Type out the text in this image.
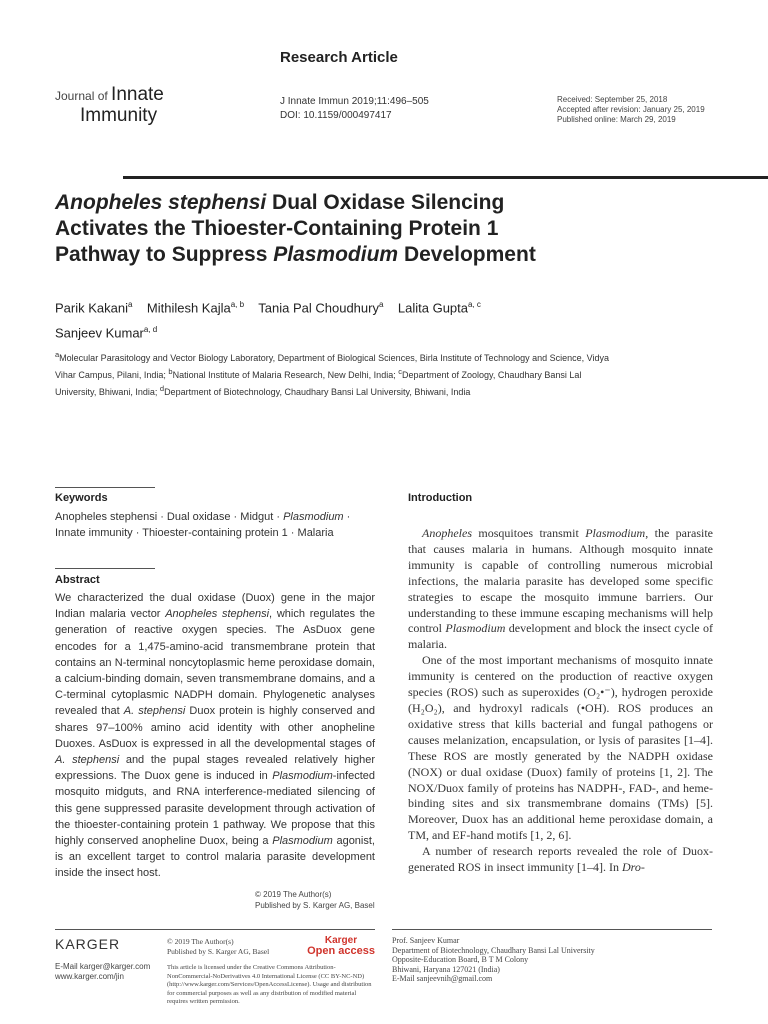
Journal of Innate
Immunity
Research Article
J Innate Immun 2019;11:496–505
DOI: 10.1159/000497417
Received: September 25, 2018
Accepted after revision: January 25, 2019
Published online: March 29, 2019
Anopheles stephensi Dual Oxidase Silencing
Activates the Thioester-Containing Protein 1
Pathway to Suppress Plasmodium Development
Parik Kakani$^a$ Mithilesh Kajla$^{a, b}$ Tania Pal Choudhury$^a$ Lalita Gupta$^{a, c}$
Sanjeev Kumar$^{a, d}$
$^a$Molecular Parasitology and Vector Biology Laboratory, Department of Biological Sciences, Birla Institute of Technology and Science, Vidya Vihar Campus, Pilani, India; $^b$National Institute of Malaria Research, New Delhi, India; $^c$Department of Zoology, Chaudhary Bansi Lal University, Bhiwani, India; $^d$Department of Biotechnology, Chaudhary Bansi Lal University, Bhiwani, India
Keywords
Anopheles stephensi · Dual oxidase · Midgut · Plasmodium · Innate immunity · Thioester-containing protein 1 · Malaria
Abstract
We characterized the dual oxidase (Duox) gene in the major Indian malaria vector Anopheles stephensi, which regulates the generation of reactive oxygen species. The AsDuox gene encodes for a 1,475-amino-acid transmembrane protein that contains an N-terminal noncytoplasmic heme peroxidase domain, a calcium-binding domain, seven transmembrane domains, and a C-terminal cytoplasmic NADPH domain. Phylogenetic analyses revealed that A. stephensi Duox protein is highly conserved and shares 97–100% amino acid identity with other anopheline Duoxes. AsDuox is expressed in all the developmental stages of A. stephensi and the pupal stages revealed relatively higher expressions. The Duox gene is induced in Plasmodium-infected mosquito midguts, and RNA interference-mediated silencing of this gene suppressed parasite development through activation of the thioester-containing protein 1 pathway. We propose that this highly conserved anopheline Duox, being a Plasmodium agonist, is an excellent target to control malaria parasite development inside the insect host.
© 2019 The Author(s)
Published by S. Karger AG, Basel
Introduction

Anopheles mosquitoes transmit Plasmodium, the parasite that causes malaria in humans. Although mosquito innate immunity is capable of controlling numerous microbial infections, the malaria parasite has developed some specific strategies to escape the mosquito immune barriers. Our understanding to these immune escaping mechanisms will help control Plasmodium development and block the insect cycle of malaria.

One of the most important mechanisms of mosquito innate immunity is centered on the production of reactive oxygen species (ROS) such as superoxides (O₂•⁻), hydrogen peroxide (H₂O₂), and hydroxyl radicals (•OH). ROS produces an oxidative stress that kills bacterial and fungal pathogens or causes melanization, encapsulation, or lysis of parasites [1–4]. These ROS are mostly generated by the NADPH oxidase (NOX) or dual oxidase (Duox) family of proteins [1, 2]. The NOX/Duox family of proteins has NADPH-, FAD-, and heme-binding sites and six transmembrane domains (TMs) [5]. Moreover, Duox has an additional heme peroxidase domain, a TM, and EF-hand motifs [1, 2, 6].

A number of research reports revealed the role of Duox-generated ROS in insect immunity [1–4]. In Dro-

KARGER
E-Mail karger@karger.com
www.karger.com/jin
© 2019 The Author(s)
Published by S. Karger AG, Basel
Karger
Open access
This article is licensed under the Creative Commons Attribution-NonCommercial-NoDerivatives 4.0 International License (CC BY-NC-ND) (http://www.karger.com/Services/OpenAccessLicense). Usage and distribution for commercial purposes as well as any distribution of modified material requires written permission.
Prof. Sanjeev Kumar
Department of Biotechnology, Chaudhary Bansi Lal University
Opposite-Education Board, B T M Colony
Bhiwani, Haryana 127021 (India)
E-Mail sanjeevnih@gmail.com
